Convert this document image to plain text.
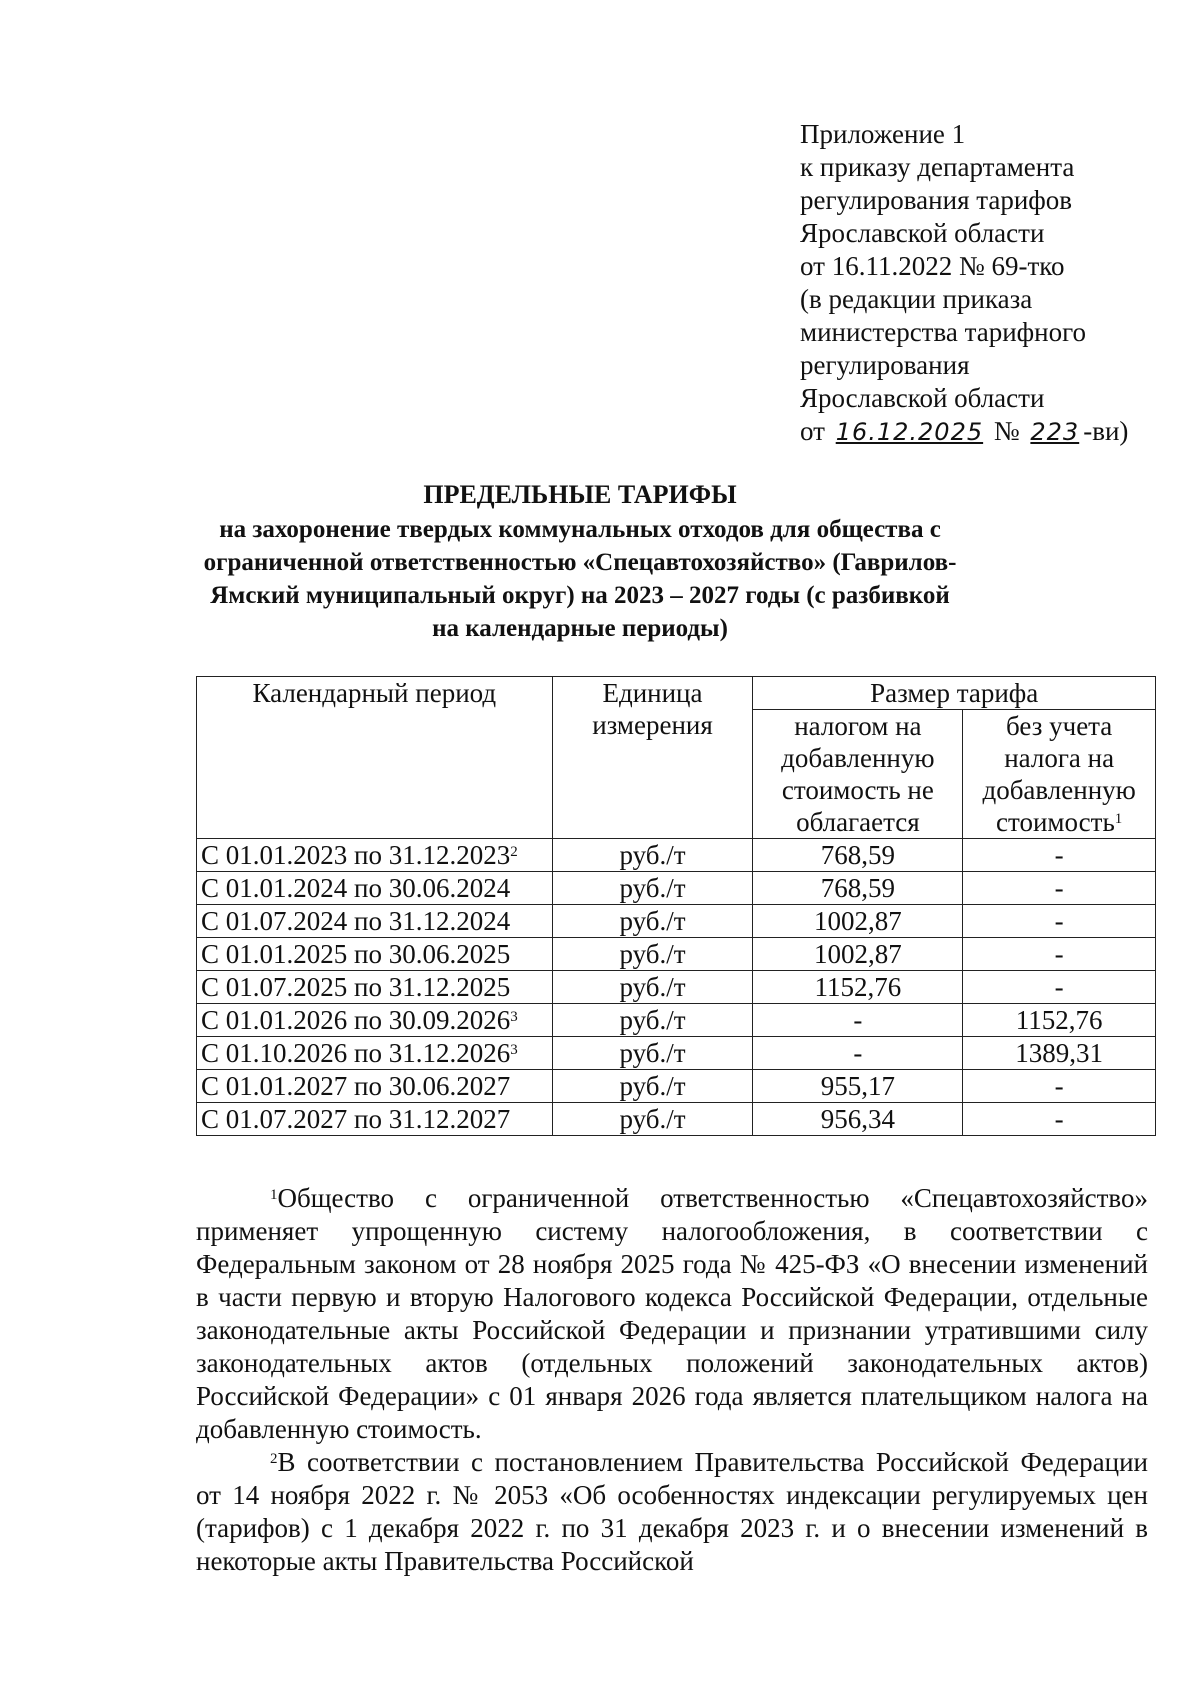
Приложение 1
к приказу департамента
регулирования тарифов
Ярославской области
от 16.11.2022 № 69-тко
(в редакции приказа
министерства тарифного
регулирования
Ярославской области
от 16.12.2025 № 223 -ви)
ПРЕДЕЛЬНЫЕ ТАРИФЫ
на захоронение твердых коммунальных отходов для общества с
ограниченной ответственностью «Спецавтохозяйство» (Гаврилов-
Ямский муниципальный округ) на 2023 – 2027 годы (с разбивкой
на календарные периоды)
Календарный период	Единица измерения	Размер тарифа	
		налогом на добавленную стоимость не облагается	без учета налога на добавленную стоимость$^1$
С 01.01.2023 по 31.12.2023$^2$	руб./т	768,59	-
С 01.01.2024 по 30.06.2024	руб./т	768,59	-
С 01.07.2024 по 31.12.2024	руб./т	1002,87	-
С 01.01.2025 по 30.06.2025	руб./т	1002,87	-
С 01.07.2025 по 31.12.2025	руб./т	1152,76	-
С 01.01.2026 по 30.09.2026$^3$	руб./т	-	1152,76
С 01.10.2026 по 31.12.2026$^3$	руб./т	-	1389,31
С 01.01.2027 по 30.06.2027	руб./т	955,17	-
С 01.07.2027 по 31.12.2027	руб./т	956,34	-

$^1$Общество с ограниченной ответственностью «Спецавтохозяйство» применяет упрощенную систему налогообложения, в соответствии с Федеральным законом от 28 ноября 2025 года № 425-ФЗ «О внесении изменений в части первую и вторую Налогового кодекса Российской Федерации, отдельные законодательные акты Российской Федерации и признании утратившими силу законодательных актов (отдельных положений законодательных актов) Российской Федерации» с 01 января 2026 года является плательщиком налога на добавленную стоимость.

$^2$В соответствии с постановлением Правительства Российской Федерации от 14 ноября 2022 г. № 2053 «Об особенностях индексации регулируемых цен (тарифов) с 1 декабря 2022 г. по 31 декабря 2023 г. и о внесении изменений в некоторые акты Правительства Российской
